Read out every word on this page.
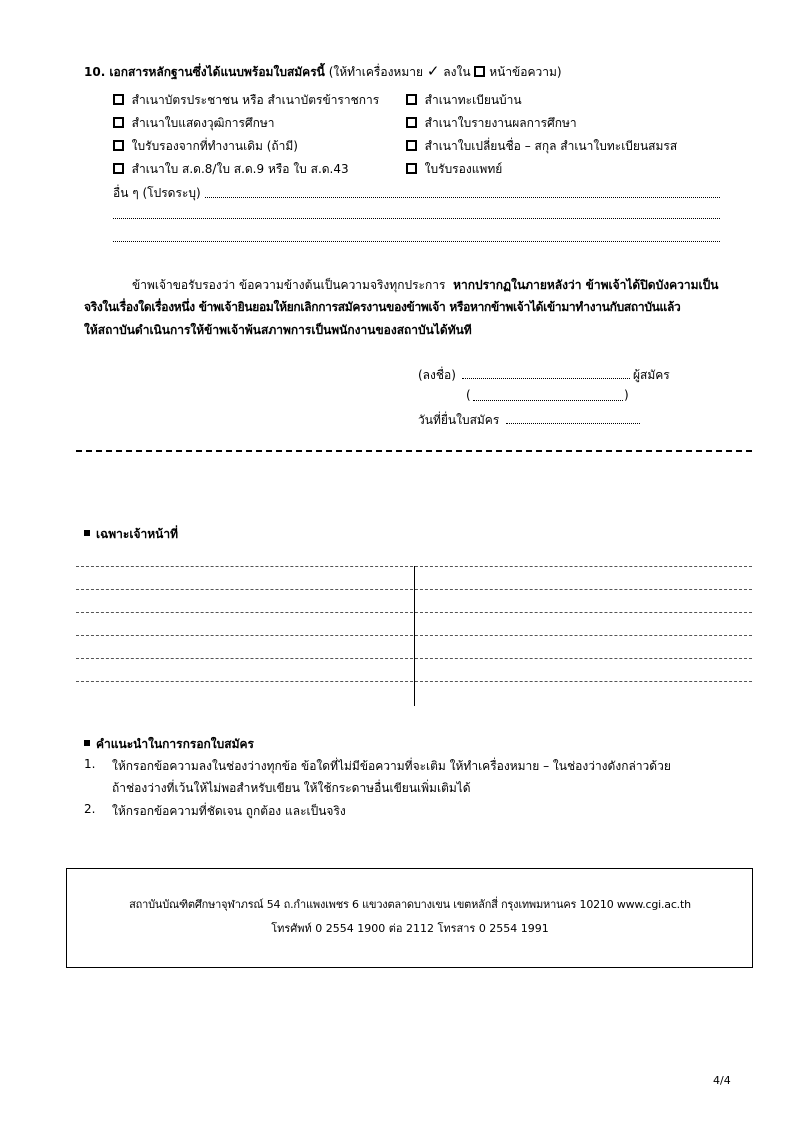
10. เอกสารหลักฐานซึ่งได้แนบพร้อมใบสมัครนี้ (ให้ทำเครื่องหมาย ✓ ลงใน หน้าข้อความ)
สำเนาบัตรประชาชน หรือ สำเนาบัตรข้าราชการ
สำเนาใบแสดงวุฒิการศึกษา
ใบรับรองจากที่ทำงานเดิม (ถ้ามี)
สำเนาใบ ส.ด.8/ใบ ส.ด.9 หรือ ใบ ส.ด.43
สำเนาทะเบียนบ้าน
สำเนาใบรายงานผลการศึกษา
สำเนาใบเปลี่ยนชื่อ – สกุล สำเนาใบทะเบียนสมรส
ใบรับรองแพทย์
อื่น ๆ (โปรดระบุ)
ข้าพเจ้าขอรับรองว่า ข้อความข้างต้นเป็นความจริงทุกประการ หากปรากฏในภายหลังว่า ข้าพเจ้าได้ปิดบังความเป็น
จริงในเรื่องใดเรื่องหนึ่ง ข้าพเจ้ายินยอมให้ยกเลิกการสมัครงานของข้าพเจ้า หรือหากข้าพเจ้าได้เข้ามาทำงานกับสถาบันแล้ว
ให้สถาบันดำเนินการให้ข้าพเจ้าพ้นสภาพการเป็นพนักงานของสถาบันได้ทันที
(ลงชื่อ)	ผู้สมัคร
(	)
วันที่ยื่นใบสมัคร
เฉพาะเจ้าหน้าที่
คำแนะนำในการกรอกใบสมัคร
1. ให้กรอกข้อความลงในช่องว่างทุกข้อ ข้อใดที่ไม่มีข้อความที่จะเติม ให้ทำเครื่องหมาย – ในช่องว่างดังกล่าวด้วย
ถ้าช่องว่างที่เว้นให้ไม่พอสำหรับเขียน ให้ใช้กระดาษอื่นเขียนเพิ่มเติมได้
2. ให้กรอกข้อความที่ชัดเจน ถูกต้อง และเป็นจริง
สถาบันบัณฑิตศึกษาจุฬาภรณ์ 54 ถ.กำแพงเพชร 6 แขวงตลาดบางเขน เขตหลักสี่ กรุงเทพมหานคร 10210 www.cgi.ac.th
โทรศัพท์ 0 2554 1900 ต่อ 2112 โทรสาร 0 2554 1991
4/4
